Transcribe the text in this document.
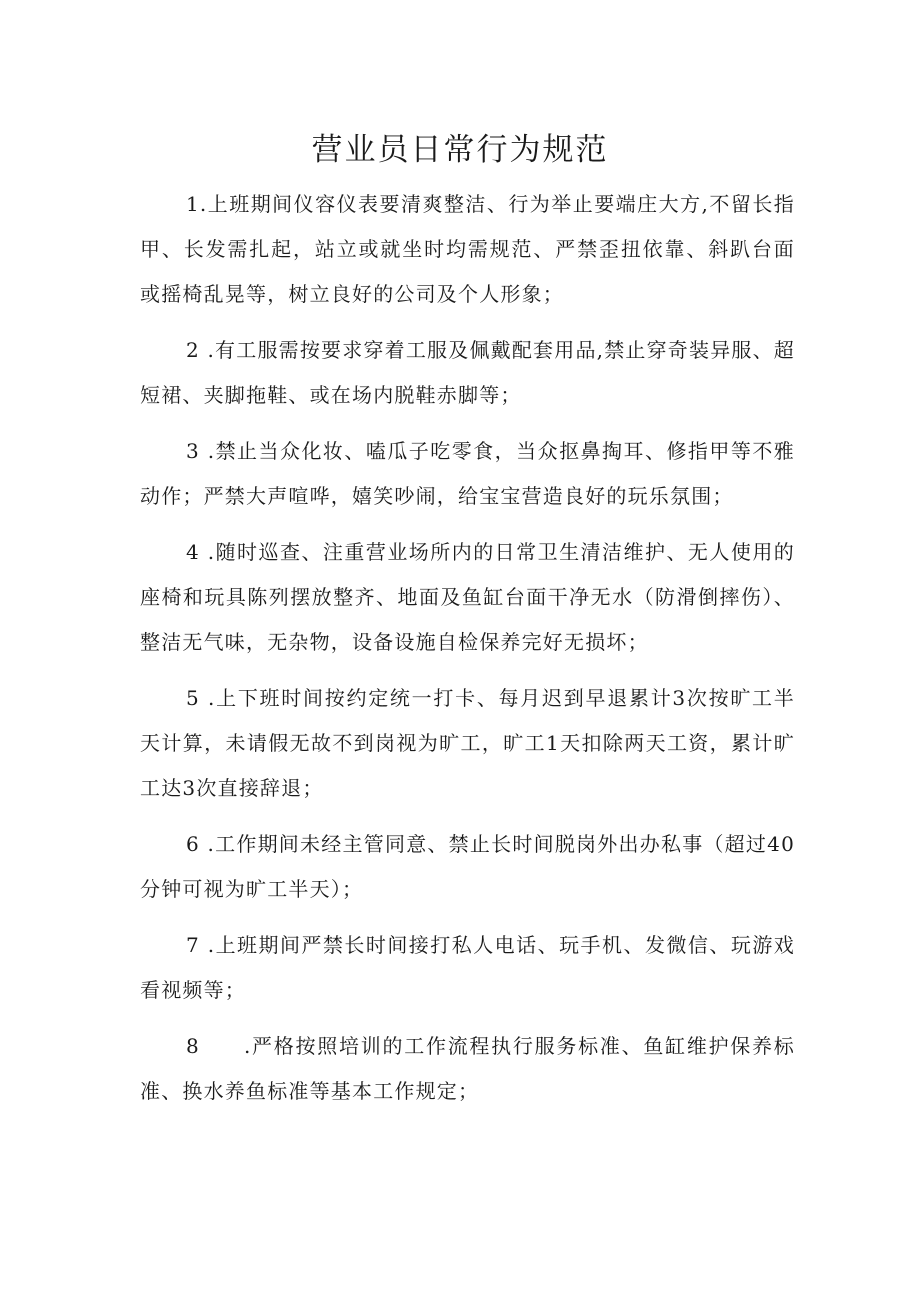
营业员日常行为规范

1.上班期间仪容仪表要清爽整洁、行为举止要端庄大方,不留长指甲、长发需扎起，站立或就坐时均需规范、严禁歪扭依靠、斜趴台面或摇椅乱晃等，树立良好的公司及个人形象；

2 .有工服需按要求穿着工服及佩戴配套用品,禁止穿奇装异服、超短裙、夹脚拖鞋、或在场内脱鞋赤脚等；

3 .禁止当众化妆、嗑瓜子吃零食，当众抠鼻掏耳、修指甲等不雅动作；严禁大声喧哗，嬉笑吵闹，给宝宝营造良好的玩乐氛围；

4 .随时巡查、注重营业场所内的日常卫生清洁维护、无人使用的座椅和玩具陈列摆放整齐、地面及鱼缸台面干净无水（防滑倒摔伤）、整洁无气味，无杂物，设备设施自检保养完好无损坏；

5 .上下班时间按约定统一打卡、每月迟到早退累计3次按旷工半天计算，未请假无故不到岗视为旷工，旷工1天扣除两天工资，累计旷工达3次直接辞退；

6 .工作期间未经主管同意、禁止长时间脱岗外出办私事（超过40分钟可视为旷工半天）；

7 .上班期间严禁长时间接打私人电话、玩手机、发微信、玩游戏看视频等；

8　　.严格按照培训的工作流程执行服务标准、鱼缸维护保养标准、换水养鱼标准等基本工作规定；
